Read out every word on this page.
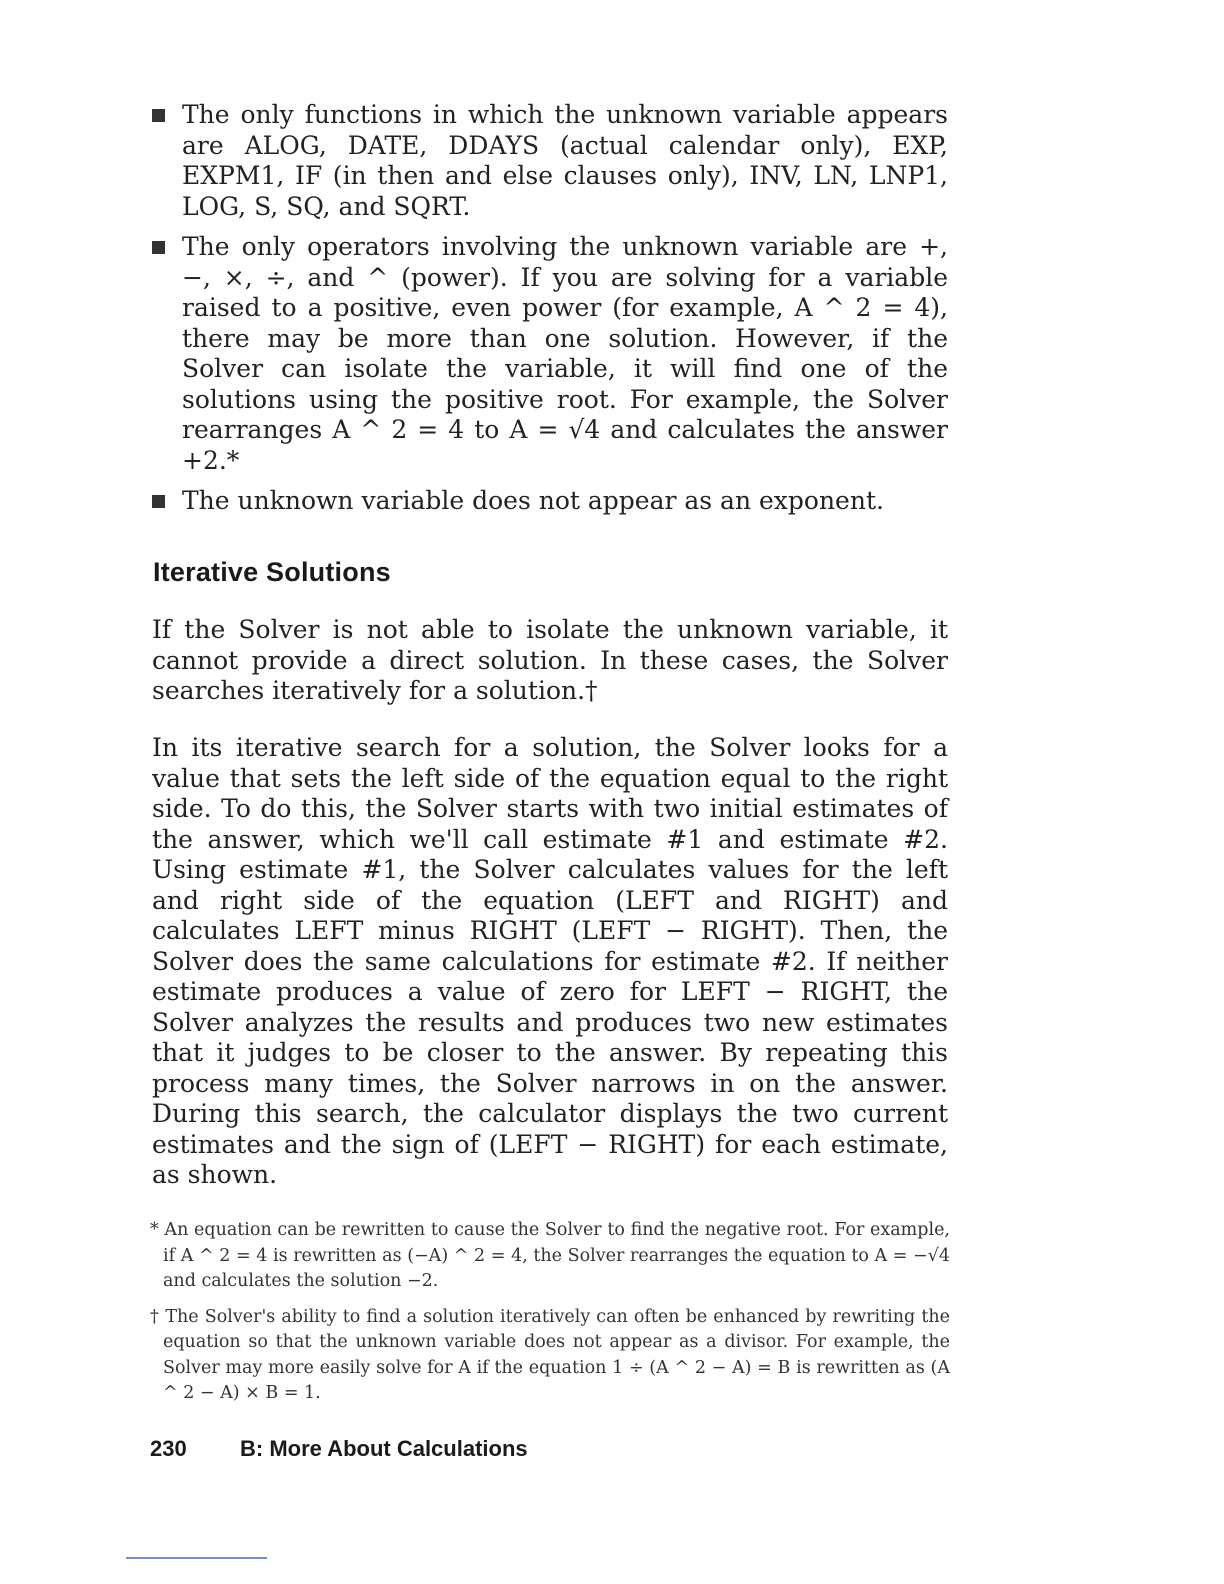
The only functions in which the unknown variable appears are ALOG, DATE, DDAYS (actual calendar only), EXP, EXPM1, IF (in then and else clauses only), INV, LN, LNP1, LOG, S, SQ, and SQRT.
The only operators involving the unknown variable are +, −, ×, ÷, and ^ (power). If you are solving for a variable raised to a positive, even power (for example, A ^ 2 = 4), there may be more than one solution. However, if the Solver can isolate the variable, it will find one of the solutions using the positive root. For example, the Solver rearranges A ^ 2 = 4 to A = √4 and calculates the answer +2.*
The unknown variable does not appear as an exponent.
Iterative Solutions
If the Solver is not able to isolate the unknown variable, it cannot provide a direct solution. In these cases, the Solver searches iteratively for a solution.†
In its iterative search for a solution, the Solver looks for a value that sets the left side of the equation equal to the right side. To do this, the Solver starts with two initial estimates of the answer, which we'll call estimate #1 and estimate #2. Using estimate #1, the Solver calculates values for the left and right side of the equation (LEFT and RIGHT) and calculates LEFT minus RIGHT (LEFT − RIGHT). Then, the Solver does the same calculations for estimate #2. If neither estimate produces a value of zero for LEFT − RIGHT, the Solver analyzes the results and produces two new estimates that it judges to be closer to the answer. By repeating this process many times, the Solver narrows in on the answer. During this search, the calculator displays the two current estimates and the sign of (LEFT − RIGHT) for each estimate, as shown.
* An equation can be rewritten to cause the Solver to find the negative root. For example, if A ^ 2 = 4 is rewritten as (−A) ^ 2 = 4, the Solver rearranges the equation to A = −√4 and calculates the solution −2.
† The Solver's ability to find a solution iteratively can often be enhanced by rewriting the equation so that the unknown variable does not appear as a divisor. For example, the Solver may more easily solve for A if the equation 1 ÷ (A ^ 2 − A) = B is rewritten as (A ^ 2 − A) × B = 1.
230 B: More About Calculations
